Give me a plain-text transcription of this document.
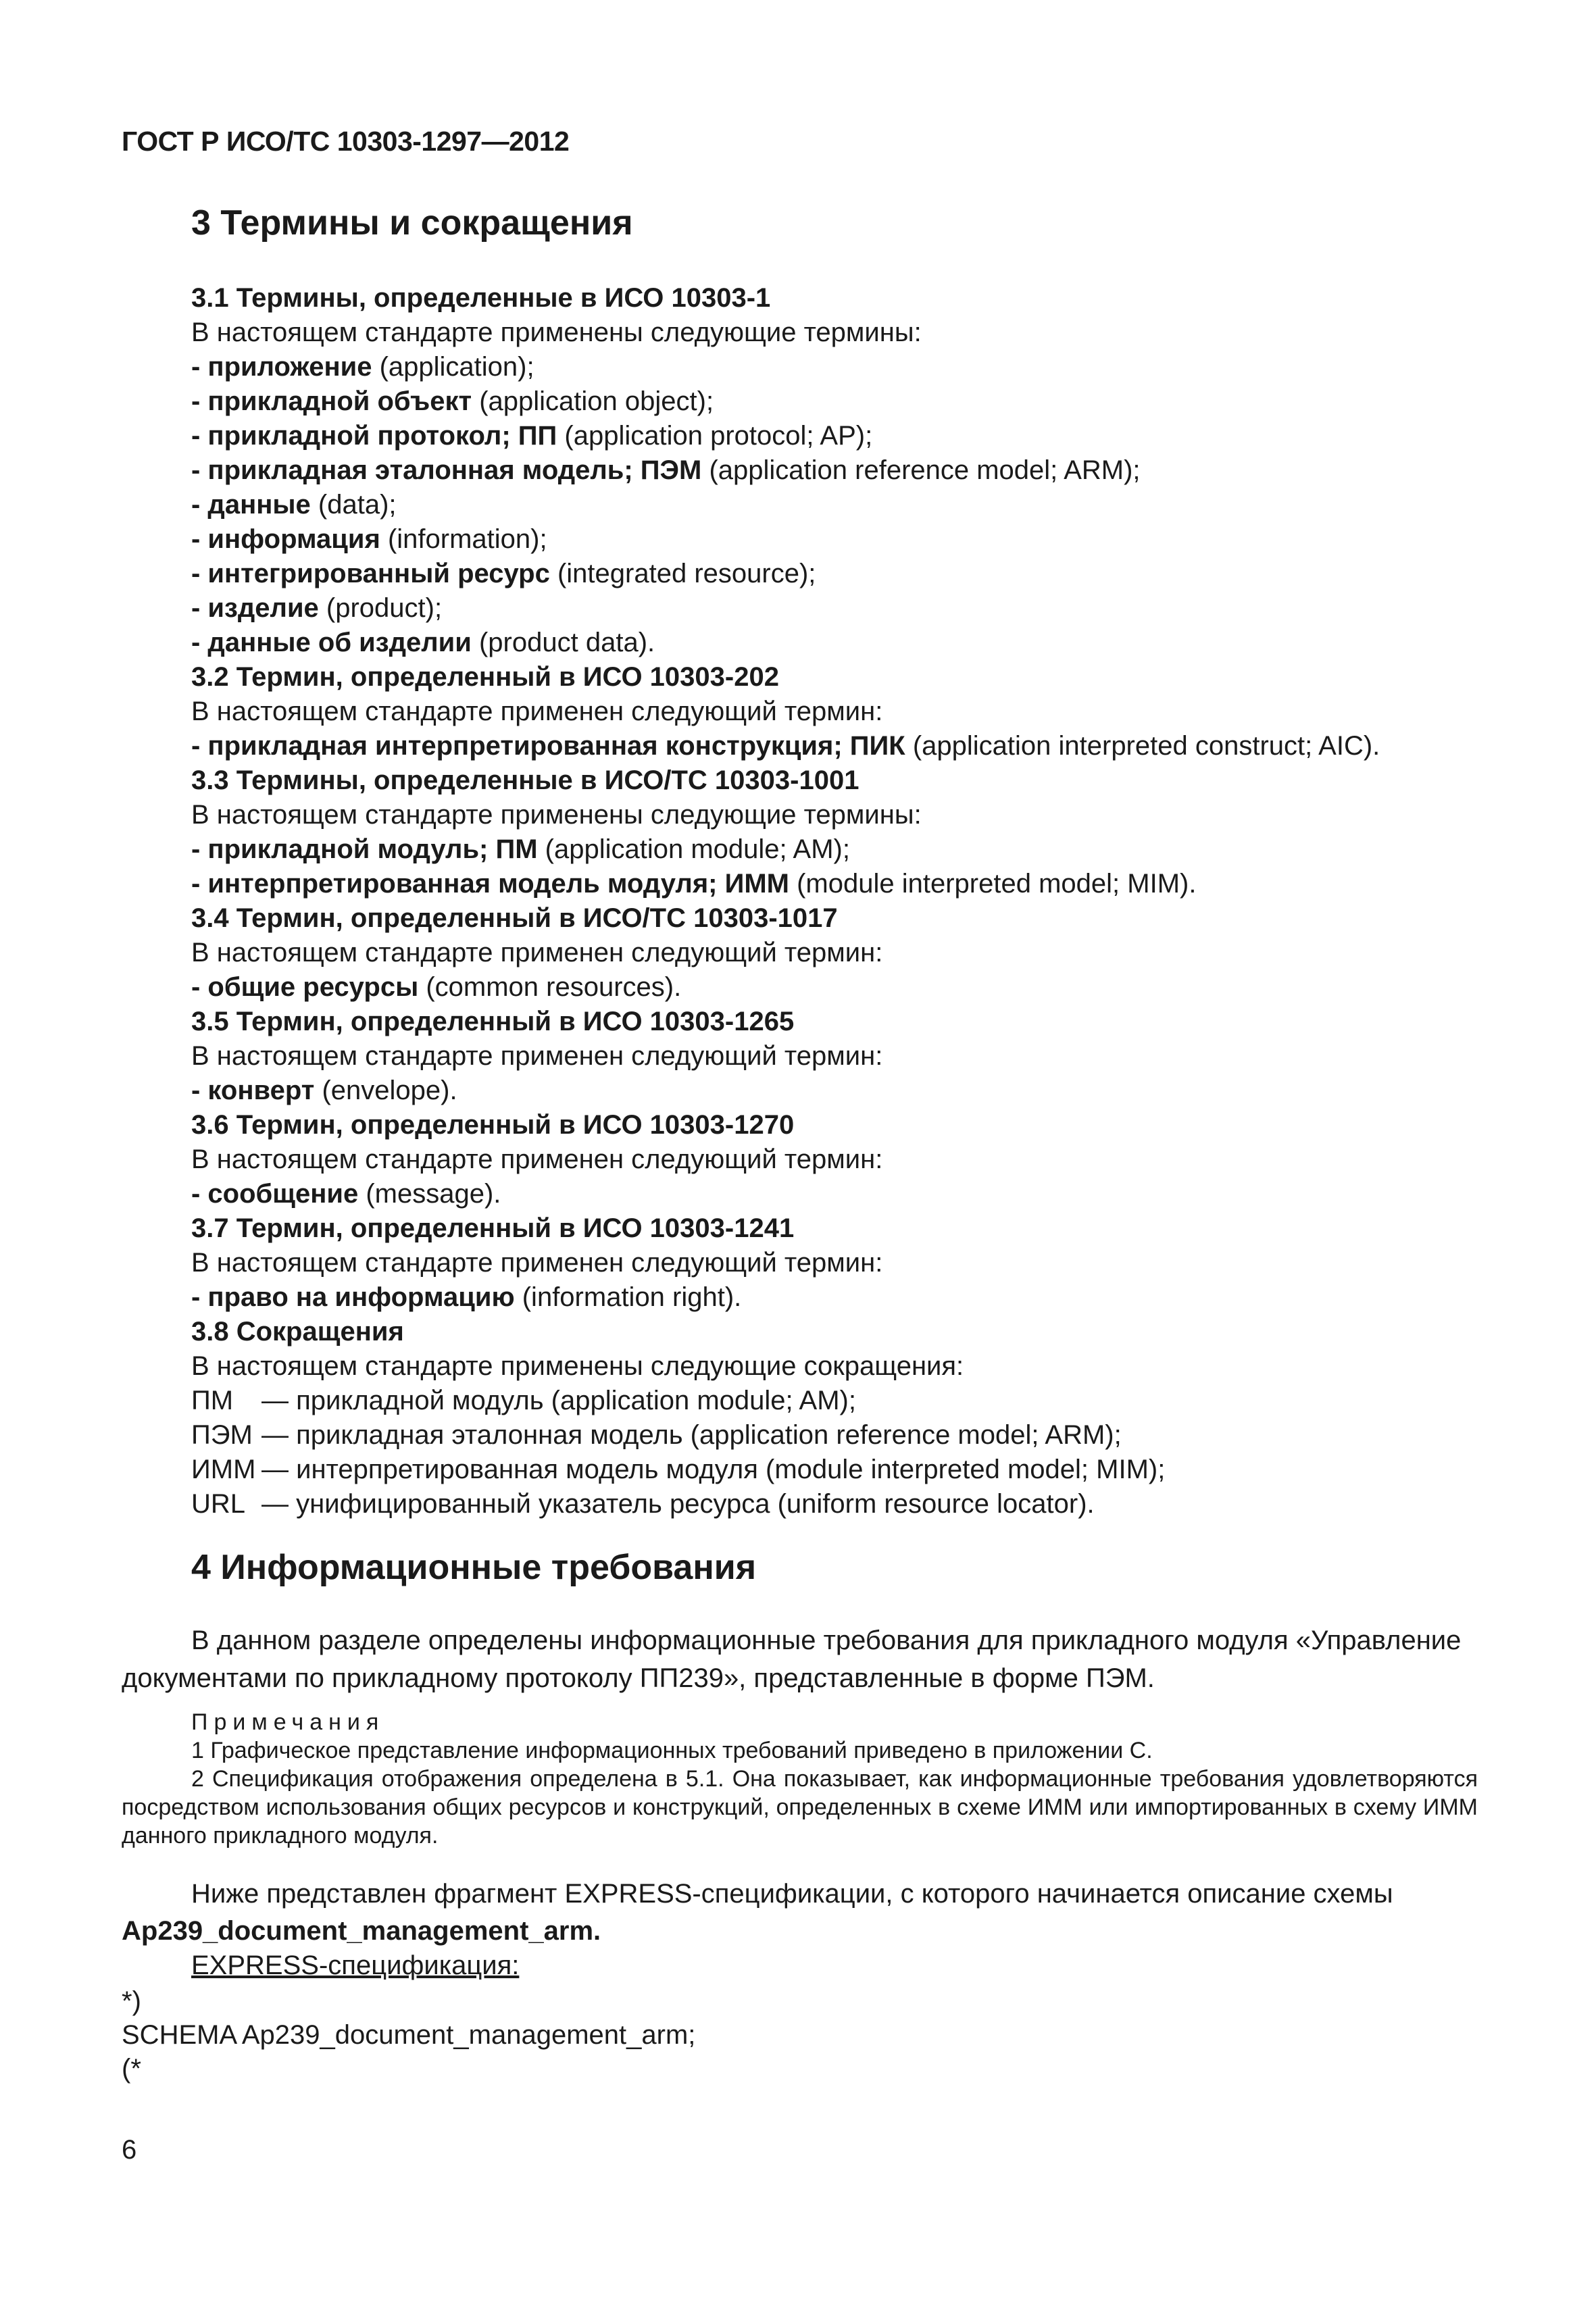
ГОСТ Р ИСО/ТС 10303-1297—2012
3 Термины и сокращения
3.1 Термины, определенные в ИСО 10303-1
В настоящем стандарте применены следующие термины:
- приложение (application);
- прикладной объект (application object);
- прикладной протокол; ПП (application protocol; AP);
- прикладная эталонная модель; ПЭМ (application reference model; ARM);
- данные (data);
- информация (information);
- интегрированный ресурс (integrated resource);
- изделие (product);
- данные об изделии (product data).
3.2 Термин, определенный в ИСО 10303-202
В настоящем стандарте применен следующий термин:
- прикладная интерпретированная конструкция; ПИК (application interpreted construct; AIC).
3.3 Термины, определенные в ИСО/ТС 10303-1001
В настоящем стандарте применены следующие термины:
- прикладной модуль; ПМ (application module; AM);
- интерпретированная модель модуля; ИММ (module interpreted model; MIM).
3.4 Термин, определенный в ИСО/ТС 10303-1017
В настоящем стандарте применен следующий термин:
- общие ресурсы (common resources).
3.5 Термин, определенный в ИСО 10303-1265
В настоящем стандарте применен следующий термин:
- конверт (envelope).
3.6 Термин, определенный в ИСО 10303-1270
В настоящем стандарте применен следующий термин:
- сообщение (message).
3.7 Термин, определенный в ИСО 10303-1241
В настоящем стандарте применен следующий термин:
- право на информацию (information right).
3.8 Сокращения
В настоящем стандарте применены следующие сокращения:
ПМ — прикладной модуль (application module; AM);
ПЭМ — прикладная эталонная модель (application reference model; ARM);
ИММ — интерпретированная модель модуля (module interpreted model; MIM);
URL — унифицированный указатель ресурса (uniform resource locator).
4 Информационные требования

В данном разделе определены информационные требования для прикладного модуля «Управление документами по прикладному протоколу ПП239», представленные в форме ПЭМ.

Примечания

1 Графическое представление информационных требований приведено в приложении С.

2 Спецификация отображения определена в 5.1. Она показывает, как информационные требования удовлетворяются посредством использования общих ресурсов и конструкций, определенных в схеме ИММ или импортированных в схему ИММ данного прикладного модуля.

Ниже представлен фрагмент EXPRESS-спецификации, с которого начинается описание схемы Ap239_document_management_arm.

EXPRESS-спецификация:
*)
SCHEMA Ap239_document_management_arm;
(*
6
